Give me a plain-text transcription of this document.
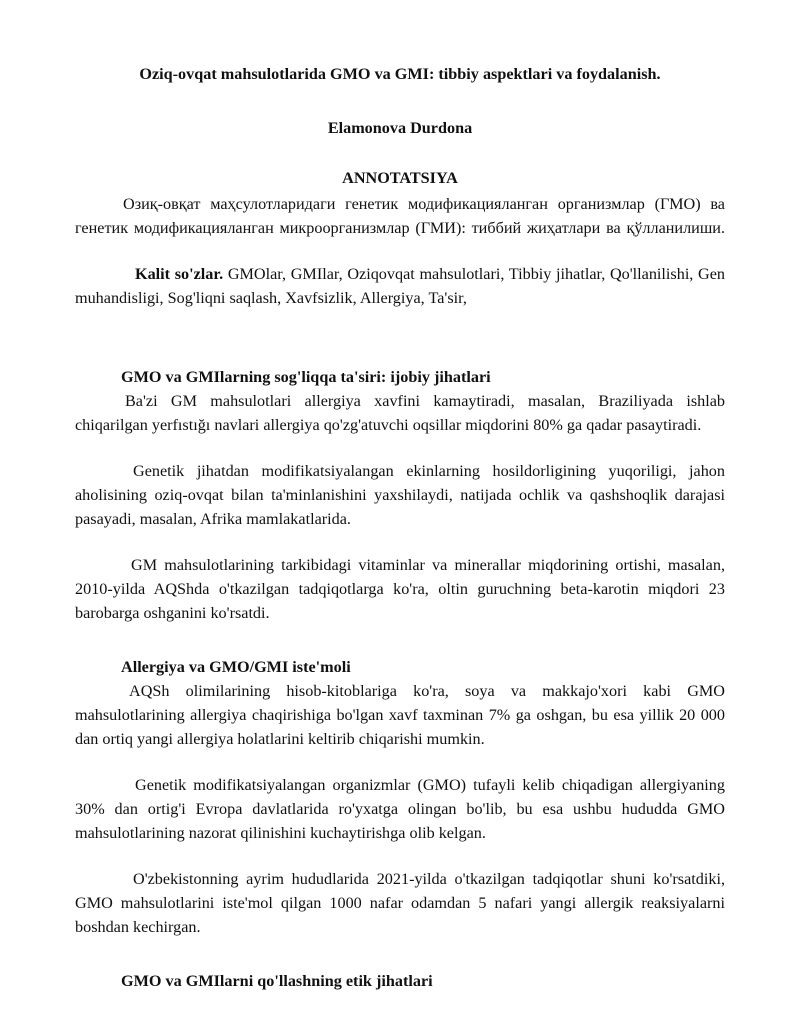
Oziq-ovqat mahsulotlarida GMO va GMI: tibbiy aspektlari va foydalanish.

Elamonova Durdona

ANNOTATSIYA

Озиқ-овқат маҳсулотларидаги генетик модификацияланган организмлар (ГМО) ва генетик модификацияланган микроорганизмлар (ГМИ): тиббий жиҳатлари ва қўлланилиши.

Kalit so'zlar. GMOlar, GMIlar, Oziqovqat mahsulotlari, Tibbiy jihatlar, Qo'llanilishi, Gen muhandisligi, Sog'liqni saqlash, Xavfsizlik, Allergiya, Ta'sir,

GMO va GMIlarning sog'liqqa ta'siri: ijobiy jihatlari

Ba'zi GM mahsulotlari allergiya xavfini kamaytiradi, masalan, Braziliyada ishlab chiqarilgan yerfıstığı navlari allergiya qo'zg'atuvchi oqsillar miqdorini 80% ga qadar pasaytiradi.

Genetik jihatdan modifikatsiyalangan ekinlarning hosildorligining yuqoriligi, jahon aholisining oziq-ovqat bilan ta'minlanishini yaxshilaydi, natijada ochlik va qashshoqlik darajasi pasayadi, masalan, Afrika mamlakatlarida.

GM mahsulotlarining tarkibidagi vitaminlar va minerallar miqdorining ortishi, masalan, 2010-yilda AQShda o'tkazilgan tadqiqotlarga ko'ra, oltin guruchning beta-karotin miqdori 23 barobarga oshganini ko'rsatdi.

Allergiya va GMO/GMI iste'moli

AQSh olimilarining hisob-kitoblariga ko'ra, soya va makkajo'xori kabi GMO mahsulotlarining allergiya chaqirishiga bo'lgan xavf taxminan 7% ga oshgan, bu esa yillik 20 000 dan ortiq yangi allergiya holatlarini keltirib chiqarishi mumkin.

Genetik modifikatsiyalangan organizmlar (GMO) tufayli kelib chiqadigan allergiyaning 30% dan ortig'i Evropa davlatlarida ro'yxatga olingan bo'lib, bu esa ushbu hududda GMO mahsulotlarining nazorat qilinishini kuchaytirishga olib kelgan.

O'zbekistonning ayrim hududlarida 2021-yilda o'tkazilgan tadqiqotlar shuni ko'rsatdiki, GMO mahsulotlarini iste'mol qilgan 1000 nafar odamdan 5 nafari yangi allergik reaksiyalarni boshdan kechirgan.

GMO va GMIlarni qo'llashning etik jihatlari
